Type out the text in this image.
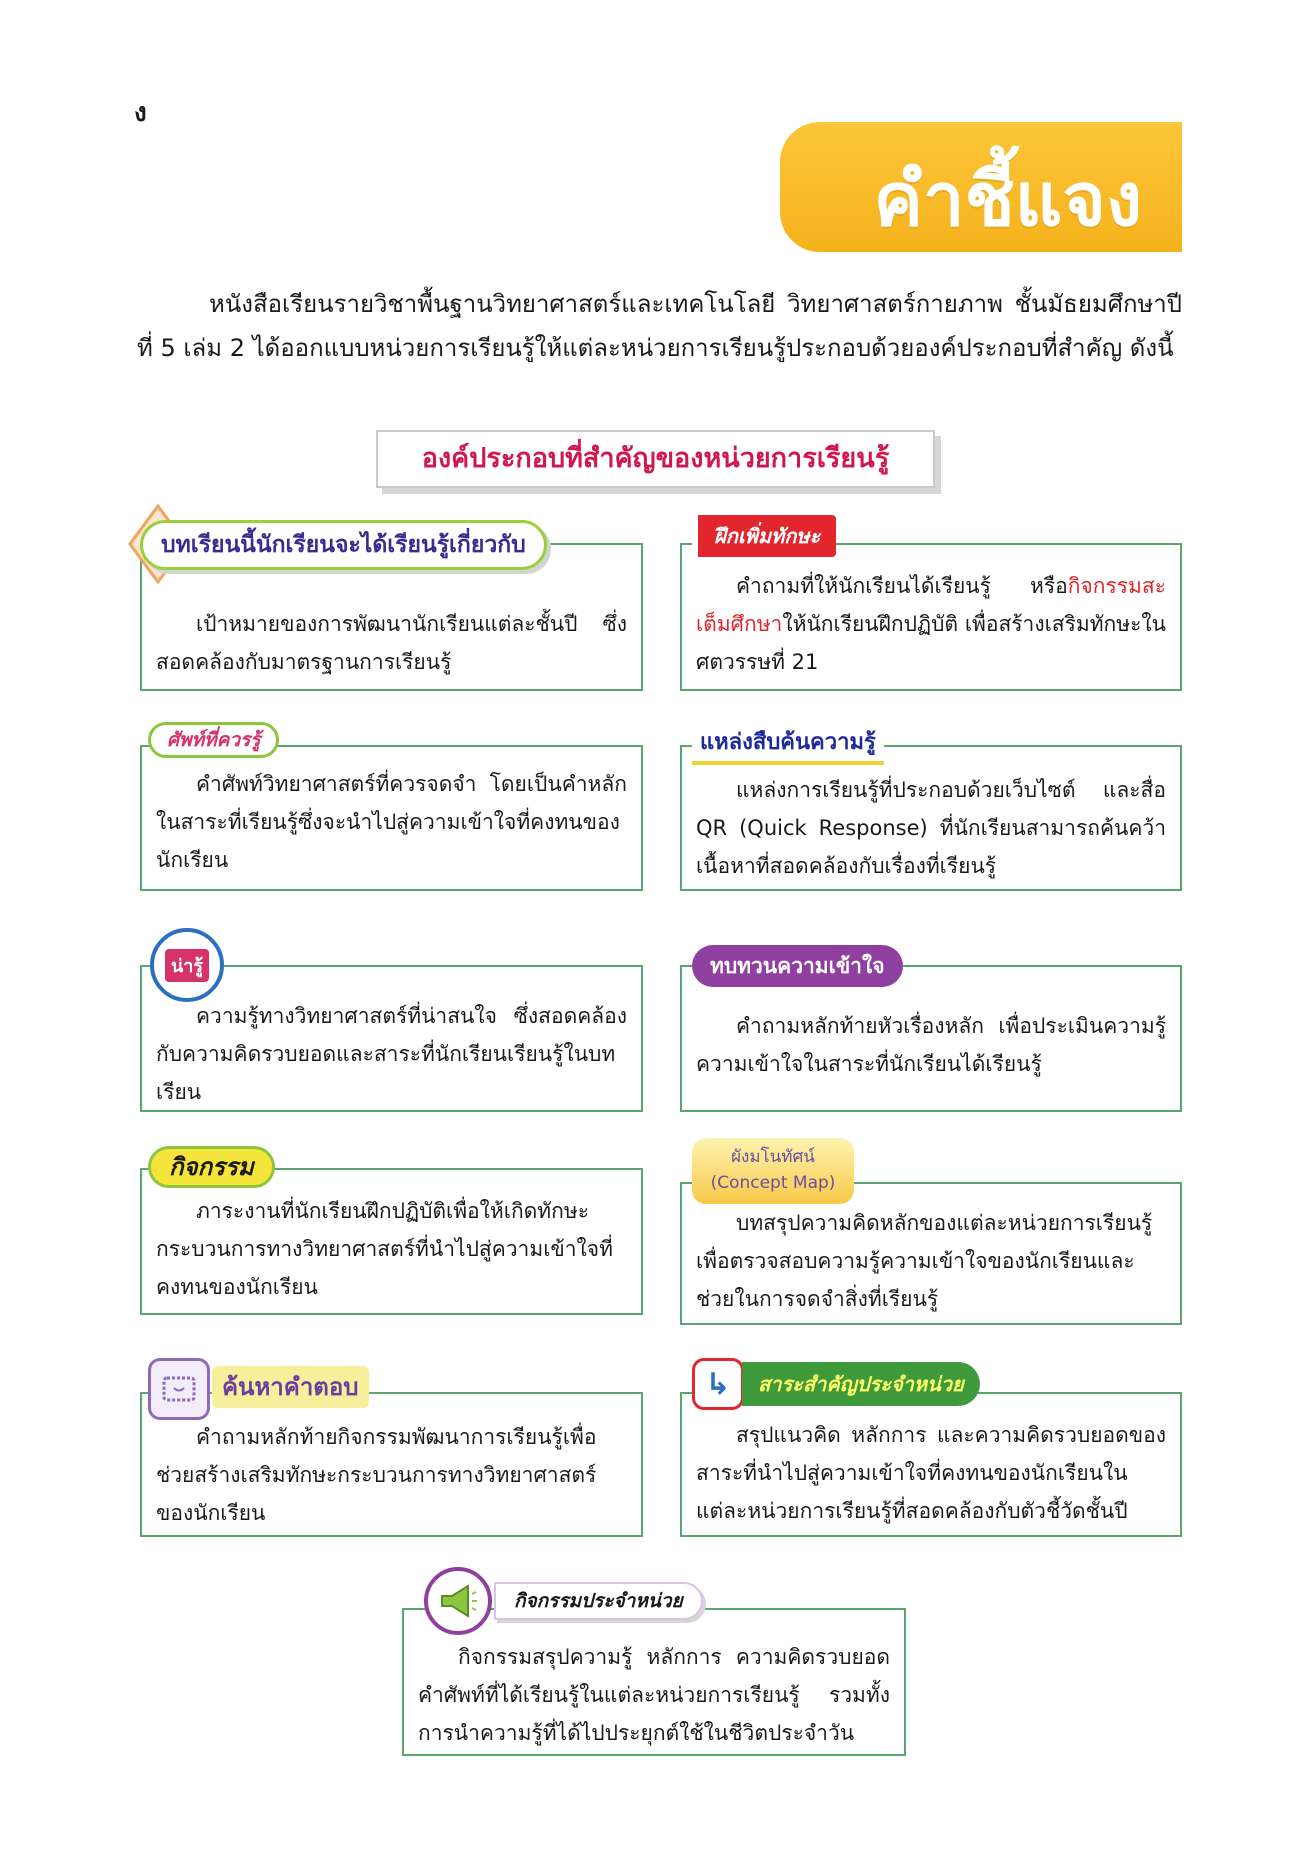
ง
คำชี้แจง
หนังสือเรียนรายวิชาพื้นฐานวิทยาศาสตร์และเทคโนโลยี วิทยาศาสตร์กายภาพ ชั้นมัธยมศึกษาปีที่ 5 เล่ม 2 ได้ออกแบบหน่วยการเรียนรู้ให้แต่ละหน่วยการเรียนรู้ประกอบด้วยองค์ประกอบที่สำคัญ ดังนี้
องค์ประกอบที่สำคัญของหน่วยการเรียนรู้

เป้าหมายของการพัฒนานักเรียนแต่ละชั้นปี ซึ่งสอดคล้องกับมาตรฐานการเรียนรู้

บทเรียนนี้นักเรียนจะได้เรียนรู้เกี่ยวกับ

คำถามที่ให้นักเรียนได้เรียนรู้ หรือกิจกรรมสะเต็มศึกษาให้นักเรียนฝึกปฏิบัติ เพื่อสร้างเสริมทักษะในศตวรรษที่ 21

ฝึกเพิ่มทักษะ

คำศัพท์วิทยาศาสตร์ที่ควรจดจำ โดยเป็นคำหลักในสาระที่เรียนรู้ซึ่งจะนำไปสู่ความเข้าใจที่คงทนของนักเรียน

ศัพท์ที่ควรรู้

แหล่งการเรียนรู้ที่ประกอบด้วยเว็บไซต์ และสื่อ QR (Quick Response) ที่นักเรียนสามารถค้นคว้าเนื้อหาที่สอดคล้องกับเรื่องที่เรียนรู้

แหล่งสืบค้นความรู้

ความรู้ทางวิทยาศาสตร์ที่น่าสนใจ ซึ่งสอดคล้องกับความคิดรวบยอดและสาระที่นักเรียนเรียนรู้ในบทเรียน

น่ารู้

คำถามหลักท้ายหัวเรื่องหลัก เพื่อประเมินความรู้ความเข้าใจในสาระที่นักเรียนได้เรียนรู้

ทบทวนความเข้าใจ

ภาระงานที่นักเรียนฝึกปฏิบัติเพื่อให้เกิดทักษะกระบวนการทางวิทยาศาสตร์ที่นำไปสู่ความเข้าใจที่คงทนของนักเรียน

กิจกรรม

บทสรุปความคิดหลักของแต่ละหน่วยการเรียนรู้เพื่อตรวจสอบความรู้ความเข้าใจของนักเรียนและช่วยในการจดจำสิ่งที่เรียนรู้

ผังมโนทัศน์
(Concept Map)

คำถามหลักท้ายกิจกรรมพัฒนาการเรียนรู้เพื่อช่วยสร้างเสริมทักษะกระบวนการทางวิทยาศาสตร์ของนักเรียน

ค้นหาคำตอบ

สรุปแนวคิด หลักการ และความคิดรวบยอดของสาระที่นำไปสู่ความเข้าใจที่คงทนของนักเรียนในแต่ละหน่วยการเรียนรู้ที่สอดคล้องกับตัวชี้วัดชั้นปี

↳	สาระสำคัญประจำหน่วย

กิจกรรมสรุปความรู้ หลักการ ความคิดรวบยอด คำศัพท์ที่ได้เรียนรู้ในแต่ละหน่วยการเรียนรู้ รวมทั้งการนำความรู้ที่ได้ไปประยุกต์ใช้ในชีวิตประจำวัน

กิจกรรมประจำหน่วย
